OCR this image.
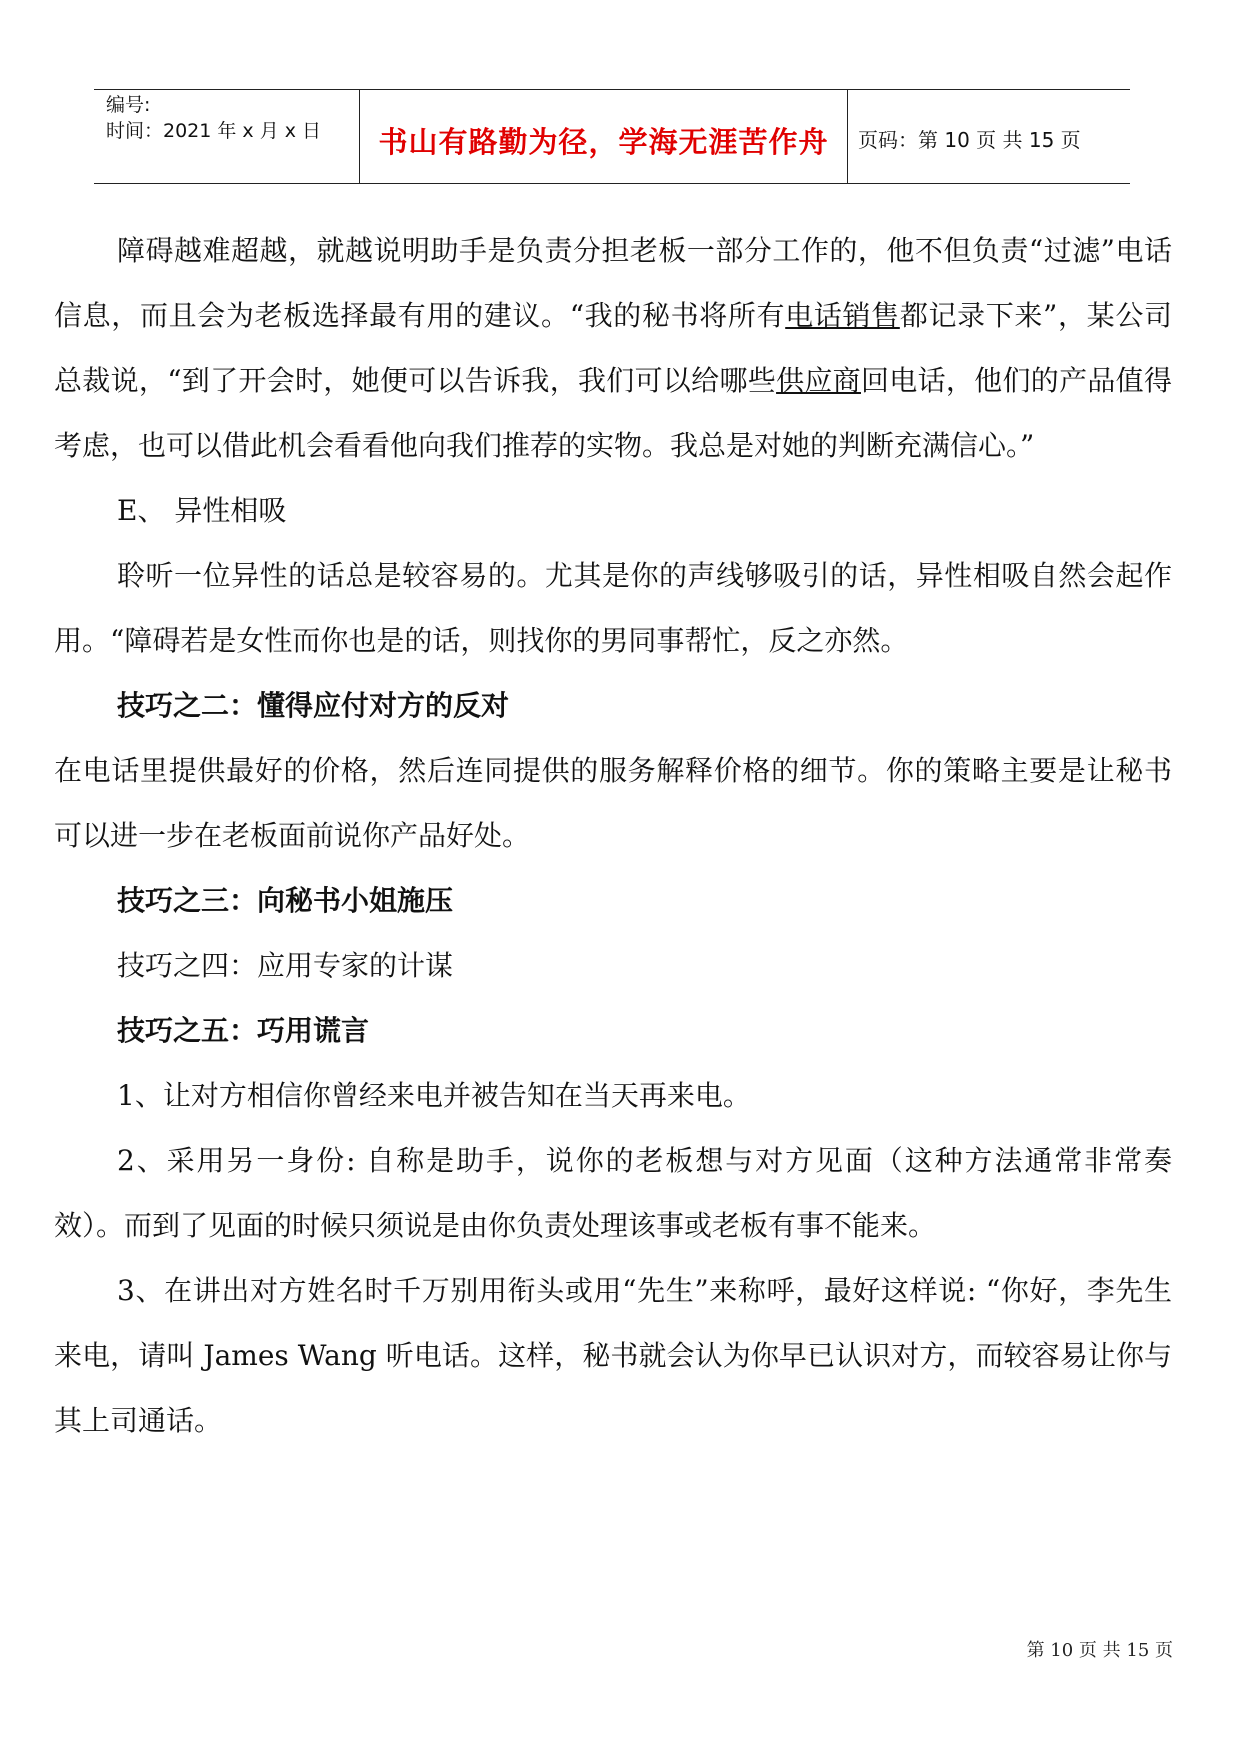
编号:
时间：2021 年 x 月 x 日	书山有路勤为径，学海无涯苦作舟	页码：第 10 页 共 15 页

障碍越难超越，就越说明助手是负责分担老板一部分工作的，他不但负责“过滤”电话信息，而且会为老板选择最有用的建议。“我的秘书将所有电话销售都记录下来”，某公司总裁说，“到了开会时，她便可以告诉我，我们可以给哪些供应商回电话，他们的产品值得考虑，也可以借此机会看看他向我们推荐的实物。我总是对她的判断充满信心。”

E、 异性相吸

聆听一位异性的话总是较容易的。尤其是你的声线够吸引的话，异性相吸自然会起作用。“障碍若是女性而你也是的话，则找你的男同事帮忙，反之亦然。

技巧之二：懂得应付对方的反对

在电话里提供最好的价格，然后连同提供的服务解释价格的细节。你的策略主要是让秘书可以进一步在老板面前说你产品好处。

技巧之三：向秘书小姐施压

技巧之四：应用专家的计谋

技巧之五：巧用谎言

1、让对方相信你曾经来电并被告知在当天再来电。

2、采用另一身份: 自称是助手，说你的老板想与对方见面（这种方法通常非常奏效）。而到了见面的时候只须说是由你负责处理该事或老板有事不能来。

3、在讲出对方姓名时千万别用衔头或用“先生”来称呼，最好这样说: “你好，李先生来电，请叫 James Wang 听电话。这样，秘书就会认为你早已认识对方，而较容易让你与其上司通话。

第 10 页 共 15 页
